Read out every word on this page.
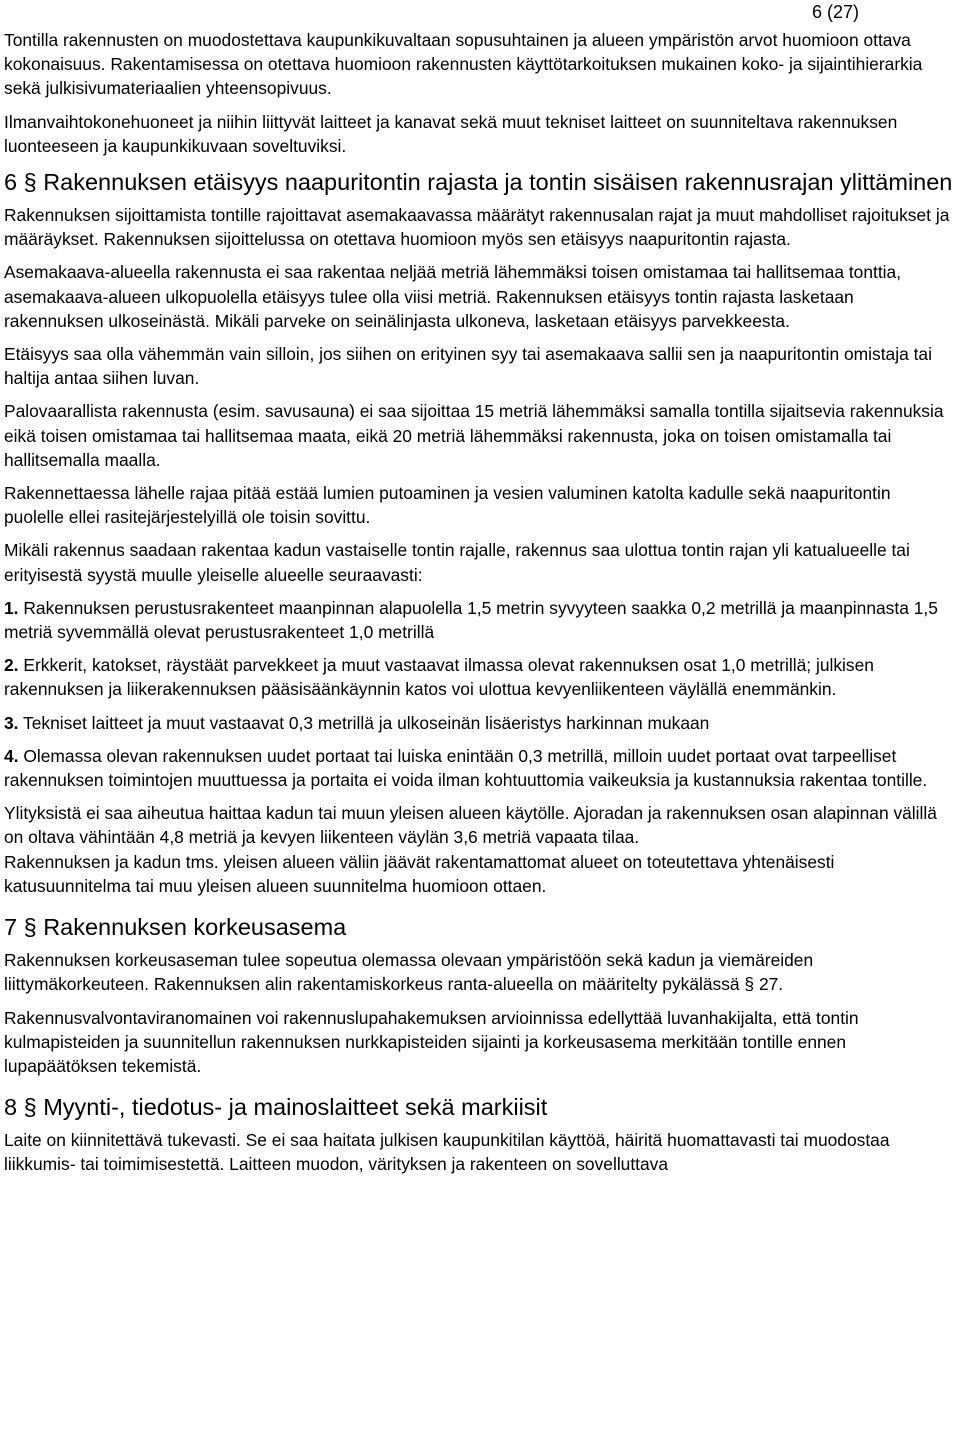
6 (27)

Tontilla rakennusten on muodostettava kaupunkikuvaltaan sopusuhtainen ja alueen ympäristön arvot huomioon ottava kokonaisuus. Rakentamisessa on otettava huomioon rakennusten käyttötarkoituksen mukainen koko- ja sijaintihierarkia sekä julkisivumateriaalien yhteensopivuus.

Ilmanvaihtokonehuoneet ja niihin liittyvät laitteet ja kanavat sekä muut tekniset laitteet on suunniteltava rakennuksen luonteeseen ja kaupunkikuvaan soveltuviksi.

6 § Rakennuksen etäisyys naapuritontin rajasta ja tontin sisäisen rakennusrajan ylittäminen

Rakennuksen sijoittamista tontille rajoittavat asemakaavassa määrätyt rakennusalan rajat ja muut mahdolliset rajoitukset ja määräykset. Rakennuksen sijoittelussa on otettava huomioon myös sen etäisyys naapuritontin rajasta.

Asemakaava-alueella rakennusta ei saa rakentaa neljää metriä lähemmäksi toisen omistamaa tai hallitsemaa tonttia, asemakaava-alueen ulkopuolella etäisyys tulee olla viisi metriä. Rakennuksen etäisyys tontin rajasta lasketaan rakennuksen ulkoseinästä. Mikäli parveke on seinälinjasta ulkoneva, lasketaan etäisyys parvekkeesta.

Etäisyys saa olla vähemmän vain silloin, jos siihen on erityinen syy tai asemakaava sallii sen ja naapuritontin omistaja tai haltija antaa siihen luvan.

Palovaarallista rakennusta (esim. savusauna) ei saa sijoittaa 15 metriä lähemmäksi samalla tontilla sijaitsevia rakennuksia eikä toisen omistamaa tai hallitsemaa maata, eikä 20 metriä lähemmäksi rakennusta, joka on toisen omistamalla tai hallitsemalla maalla.

Rakennettaessa lähelle rajaa pitää estää lumien putoaminen ja vesien valuminen katolta kadulle sekä naapuritontin puolelle ellei rasitejärjestelyillä ole toisin sovittu.

Mikäli rakennus saadaan rakentaa kadun vastaiselle tontin rajalle, rakennus saa ulottua tontin rajan yli katualueelle tai erityisestä syystä muulle yleiselle alueelle seuraavasti:

1. Rakennuksen perustusrakenteet maanpinnan alapuolella 1,5 metrin syvyyteen saakka 0,2 metrillä ja maanpinnasta 1,5 metriä syvemmällä olevat perustusrakenteet 1,0 metrillä

2. Erkkerit, katokset, räystäät parvekkeet ja muut vastaavat ilmassa olevat rakennuksen osat 1,0 metrillä; julkisen rakennuksen ja liikerakennuksen pääsisäänkäynnin katos voi ulottua kevyenliikenteen väylällä enemmänkin.

3. Tekniset laitteet ja muut vastaavat 0,3 metrillä ja ulkoseinän lisäeristys harkinnan mukaan

4. Olemassa olevan rakennuksen uudet portaat tai luiska enintään 0,3 metrillä, milloin uudet portaat ovat tarpeelliset rakennuksen toimintojen muuttuessa ja portaita ei voida ilman kohtuuttomia vaikeuksia ja kustannuksia rakentaa tontille.

Ylityksistä ei saa aiheutua haittaa kadun tai muun yleisen alueen käytölle. Ajoradan ja rakennuksen osan alapinnan välillä on oltava vähintään 4,8 metriä ja kevyen liikenteen väylän 3,6 metriä vapaata tilaa.

Rakennuksen ja kadun tms. yleisen alueen väliin jäävät rakentamattomat alueet on toteutettava yhtenäisesti katusuunnitelma tai muu yleisen alueen suunnitelma huomioon ottaen.

7 § Rakennuksen korkeusasema

Rakennuksen korkeusaseman tulee sopeutua olemassa olevaan ympäristöön sekä kadun ja viemäreiden liittymäkorkeuteen. Rakennuksen alin rakentamiskorkeus ranta-alueella on määritelty pykälässä § 27.

Rakennusvalvontaviranomainen voi rakennuslupahakemuksen arvioinnissa edellyttää luvanhakijalta, että tontin kulmapisteiden ja suunnitellun rakennuksen nurkkapisteiden sijainti ja korkeusasema merkitään tontille ennen lupapäätöksen tekemistä.

8 § Myynti-, tiedotus- ja mainoslaitteet sekä markiisit

Laite on kiinnitettävä tukevasti. Se ei saa haitata julkisen kaupunkitilan käyttöä, häiritä huomattavasti tai muodostaa liikkumis- tai toimimisestettä. Laitteen muodon, värityksen ja rakenteen on sovelluttava
